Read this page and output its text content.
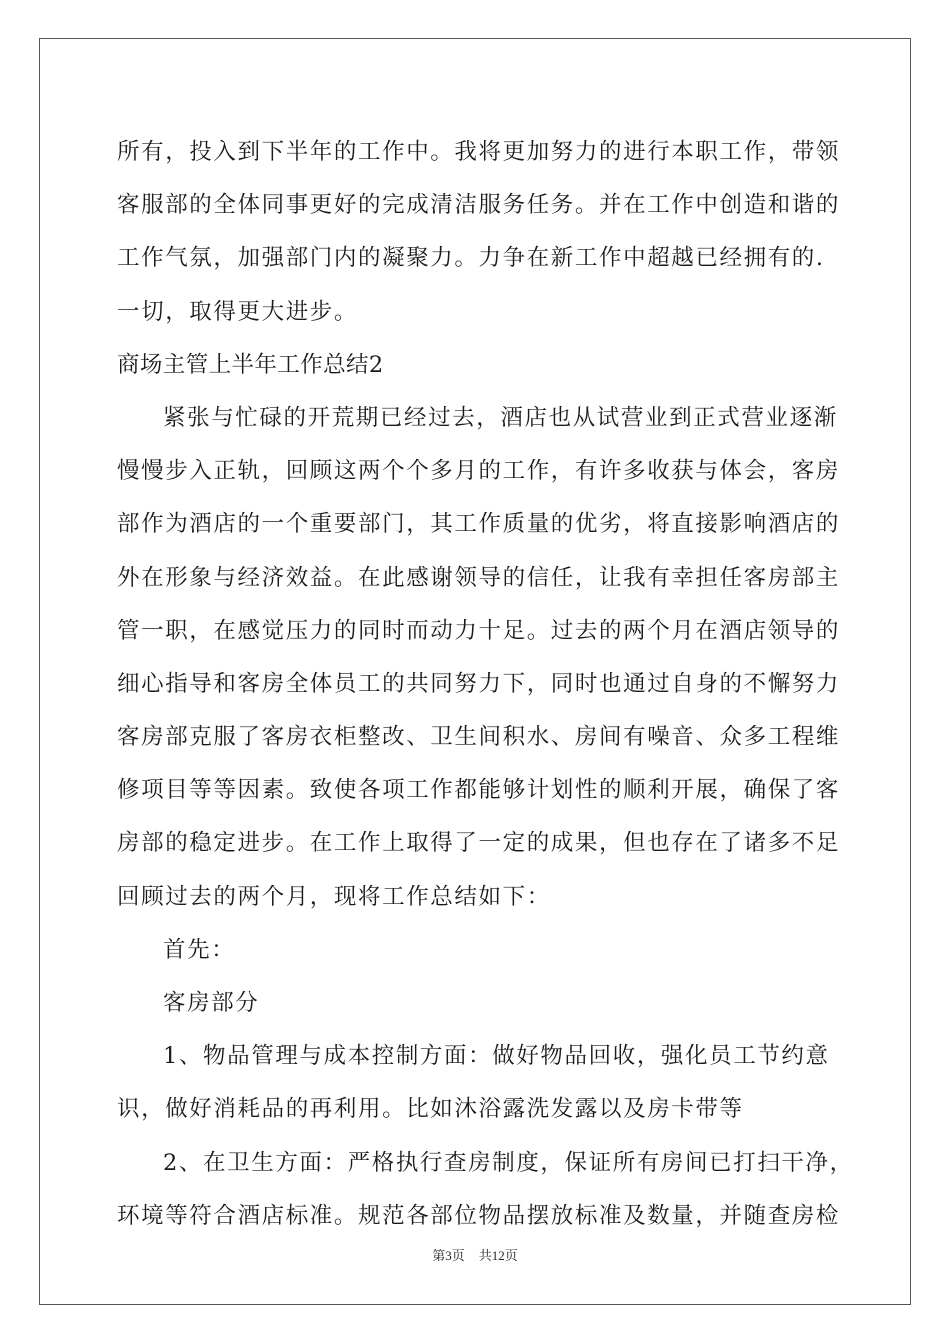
所有，投入到下半年的工作中。我将更加努力的进行本职工作，带领
客服部的全体同事更好的完成清洁服务任务。并在工作中创造和谐的
工作气氛，加强部门内的凝聚力。力争在新工作中超越已经拥有的.
一切，取得更大进步。
商场主管上半年工作总结2
紧张与忙碌的开荒期已经过去，酒店也从试营业到正式营业逐渐
慢慢步入正轨，回顾这两个个多月的工作，有许多收获与体会，客房
部作为酒店的一个重要部门，其工作质量的优劣，将直接影响酒店的
外在形象与经济效益。在此感谢领导的信任，让我有幸担任客房部主
管一职，在感觉压力的同时而动力十足。过去的两个月在酒店领导的
细心指导和客房全体员工的共同努力下，同时也通过自身的不懈努力
客房部克服了客房衣柜整改、卫生间积水、房间有噪音、众多工程维
修项目等等因素。致使各项工作都能够计划性的顺利开展，确保了客
房部的稳定进步。在工作上取得了一定的成果，但也存在了诸多不足
回顾过去的两个月，现将工作总结如下：
首先：
客房部分
1、物品管理与成本控制方面：做好物品回收，强化员工节约意
识，做好消耗品的再利用。比如沐浴露洗发露以及房卡带等
2、在卫生方面：严格执行查房制度，保证所有房间已打扫干净，
环境等符合酒店标准。规范各部位物品摆放标准及数量，并随查房检
第3页 共12页
